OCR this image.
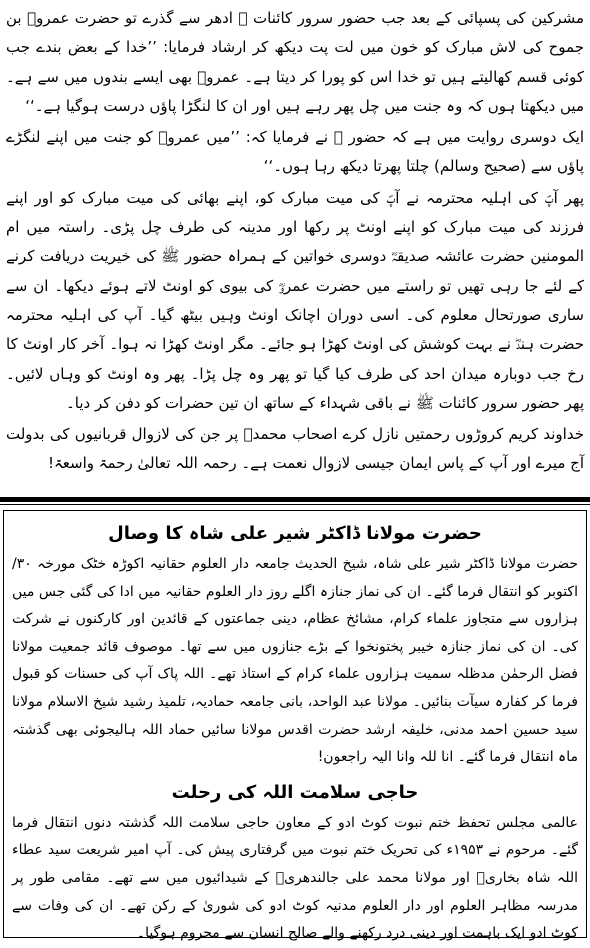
مشرکین کی پسپائی کے بعد جب حضور سرور کائنات ﷺ ادھر سے گذرے تو حضرت عمروؓ بن جموح کی لاش مبارک کو خون میں لت پت دیکھ کر ارشاد فرمایا: ’’خدا کے بعض بندے جب کوئی قسم کھالیتے ہیں تو خدا اس کو پورا کر دیتا ہے۔ عمروؓ بھی ایسے بندوں میں سے ہے۔ میں دیکھتا ہوں کہ وہ جنت میں چل پھر رہے ہیں اور ان کا لنگڑا پاؤں درست ہوگیا ہے۔‘‘

ایک دوسری روایت میں ہے کہ حضور ﷺ نے فرمایا کہ: ’’میں عمروؓ کو جنت میں اپنے لنگڑے پاؤں سے (صحیح وسالم) چلتا پھرتا دیکھ رہا ہوں۔‘‘

پھر آپؐ کی اہلیہ محترمہ نے آپؐ کی میت مبارک کو، اپنے بھائی کی میت مبارک کو اور اپنے فرزند کی میت مبارک کو اپنے اونٹ پر رکھا اور مدینہ کی طرف چل پڑی۔ راستہ میں ام المومنین حضرت عائشہ صدیقہؓ دوسری خواتین کے ہمراہ حضور ﷺ کی خیریت دریافت کرنے کے لئے جا رہی تھیں تو راستے میں حضرت عمروؓ کی بیوی کو اونٹ لاتے ہوئے دیکھا۔ ان سے ساری صورتحال معلوم کی۔ اسی دوران اچانک اونٹ وہیں بیٹھ گیا۔ آپ کی اہلیہ محترمہ حضرت ہندؓ نے بہت کوشش کی اونٹ کھڑا ہو جائے۔ مگر اونٹ کھڑا نہ ہوا۔ آخر کار اونٹ کا رخ جب دوبارہ میدان احد کی طرف کیا گیا تو پھر وہ چل پڑا۔ پھر وہ اونٹ کو وہاں لائیں۔ پھر حضور سرور کائنات ﷺ نے باقی شہداء کے ساتھ ان تین حضرات کو دفن کر دیا۔

خداوند کریم کروڑوں رحمتیں نازل کرے اصحاب محمدؐ پر جن کی لازوال قربانیوں کی بدولت آج میرے اور آپ کے پاس ایمان جیسی لازوال نعمت ہے۔ رحمہ اللہ تعالیٰ رحمۃ واسعۃ!

حضرت مولانا ڈاکٹر شیر علی شاہ کا وصال

حضرت مولانا ڈاکٹر شیر علی شاہ، شیخ الحدیث جامعہ دار العلوم حقانیہ اکوڑہ خٹک مورخہ ۳۰/ اکتوبر کو انتقال فرما گئے۔ ان کی نماز جنازہ اگلے روز دار العلوم حقانیہ میں ادا کی گئی جس میں ہزاروں سے متجاوز علماء کرام، مشائخ عظام، دینی جماعتوں کے قائدین اور کارکنوں نے شرکت کی۔ ان کی نماز جنازہ خیبر پختونخوا کے بڑے جنازوں میں سے تھا۔ موصوف قائد جمعیت مولانا فضل الرحمٰن مدظلہ سمیت ہزاروں علماء کرام کے استاذ تھے۔ اللہ پاک آپ کی حسنات کو قبول فرما کر کفارہ سیآت بنائیں۔ مولانا عبد الواحد، بانی جامعہ حمادیہ، تلمیذ رشید شیخ الاسلام مولانا سید حسین احمد مدنی، خلیفہ ارشد حضرت اقدس مولانا سائیں حماد اللہ ہالیجوئی بھی گذشتہ ماہ انتقال فرما گئے۔ انا للہ وانا الیہ راجعون!

حاجی سلامت اللہ کی رحلت

عالمی مجلس تحفظ ختم نبوت کوٹ ادو کے معاون حاجی سلامت اللہ گذشتہ دنوں انتقال فرما گئے۔ مرحوم نے ۱۹۵۳ء کی تحریک ختم نبوت میں گرفتاری پیش کی۔ آپ امیر شریعت سید عطاء اللہ شاہ بخاریؒ اور مولانا محمد علی جالندھریؒ کے شیدائیوں میں سے تھے۔ مقامی طور پر مدرسہ مظاہر العلوم اور دار العلوم مدنیہ کوٹ ادو کی شوریٰ کے رکن تھے۔ ان کی وفات سے کوٹ ادو ایک باہمت اور دینی درد رکھنے والے صالح انسان سے محروم ہوگیا۔
